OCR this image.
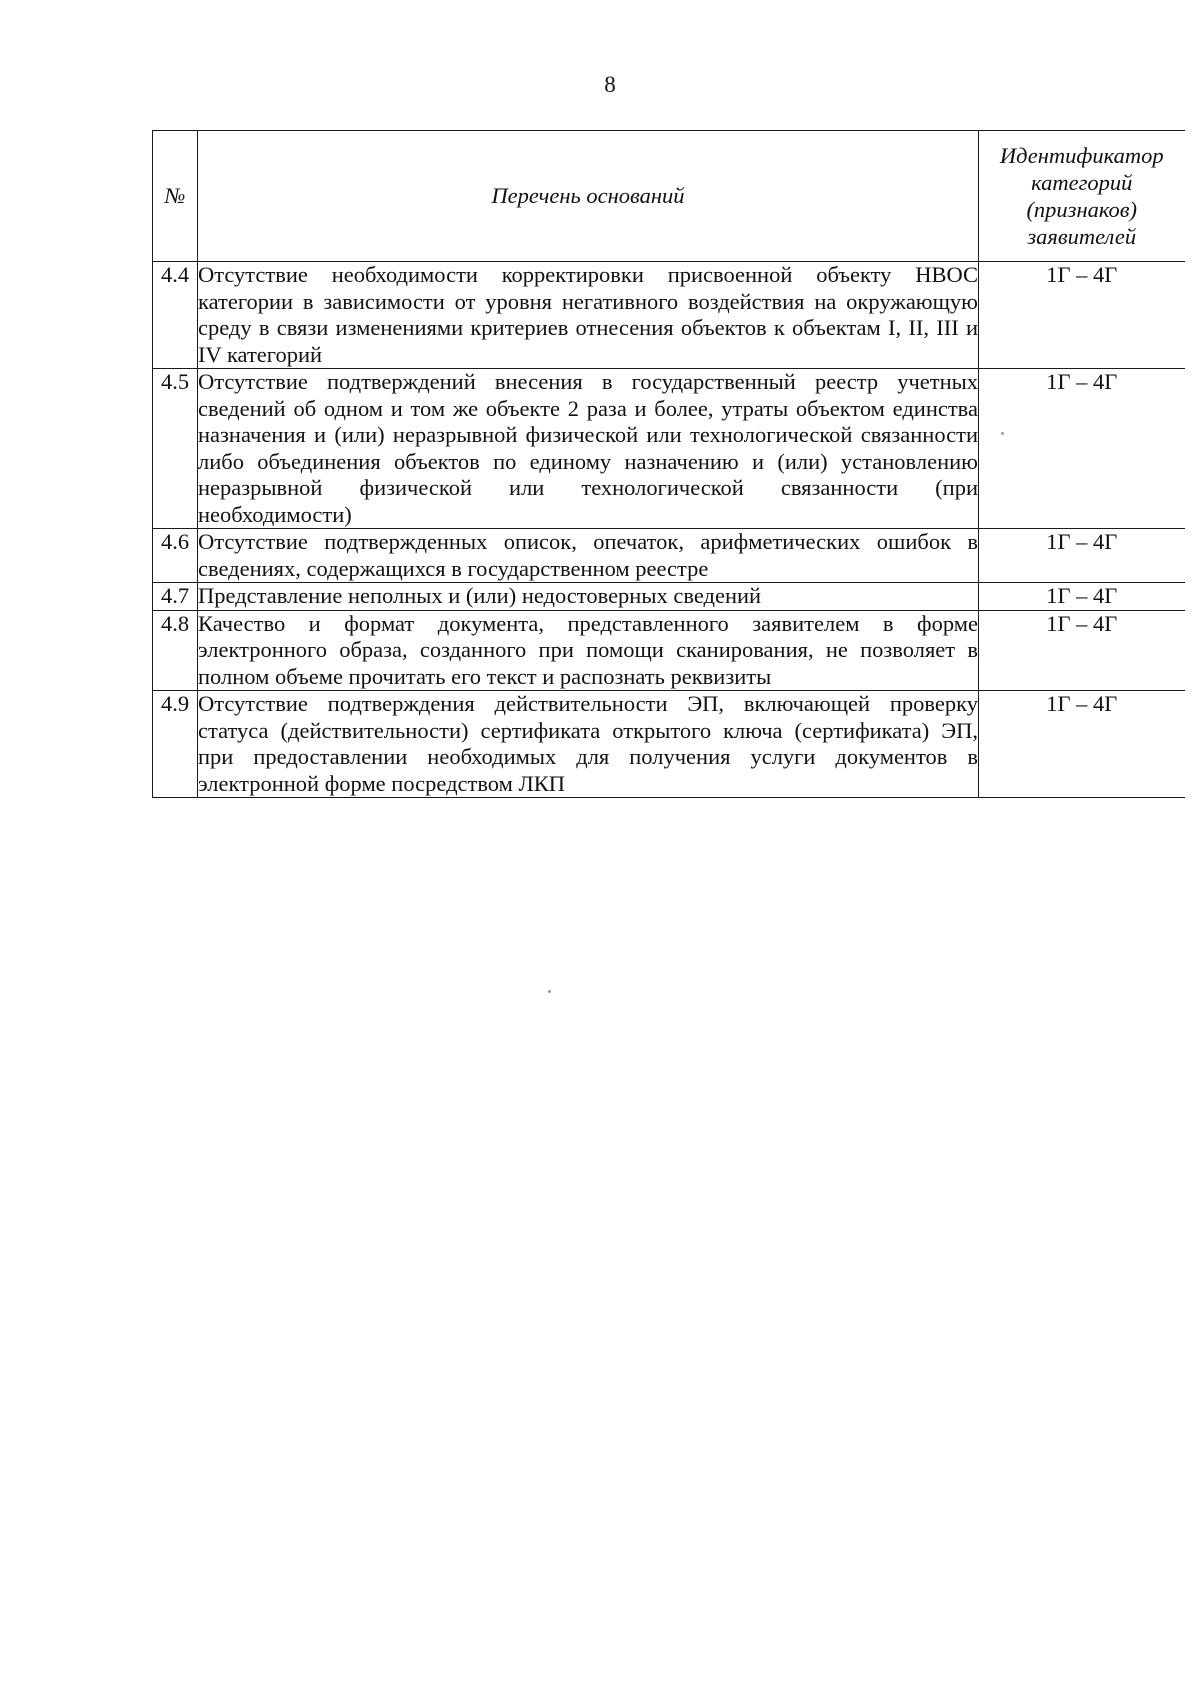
8
№	Перечень оснований	Идентификатор категорий (признаков) заявителей
4.4	Отсутствие необходимости корректировки присвоенной объекту НВОС категории в зависимости от уровня негативного воздействия на окружающую среду в связи изменениями критериев отнесения объектов к объектам I, II, III и IV категорий	1Г – 4Г
4.5	Отсутствие подтверждений внесения в государственный реестр учетных сведений об одном и том же объекте 2 раза и более, утраты объектом единства назначения и (или) неразрывной физической или технологической связанности либо объединения объектов по единому назначению и (или) установлению неразрывной физической или технологической связанности (при необходимости)	1Г – 4Г
4.6	Отсутствие подтвержденных описок, опечаток, арифметических ошибок в сведениях, содержащихся в государственном реестре	1Г – 4Г
4.7	Представление неполных и (или) недостоверных сведений	1Г – 4Г
4.8	Качество и формат документа, представленного заявителем в форме электронного образа, созданного при помощи сканирования, не позволяет в полном объеме прочитать его текст и распознать реквизиты	1Г – 4Г
4.9	Отсутствие подтверждения действительности ЭП, включающей проверку статуса (действительности) сертификата открытого ключа (сертификата) ЭП, при предоставлении необходимых для получения услуги документов в электронной форме посредством ЛКП	1Г – 4Г
